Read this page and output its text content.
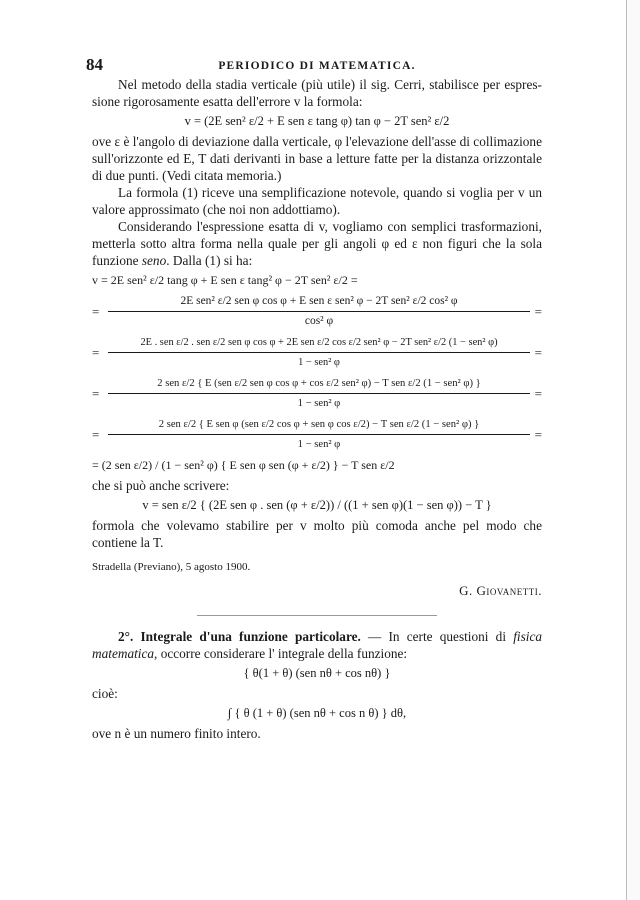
84	PERIODICO DI MATEMATICA.

Nel metodo della stadia verticale (più utile) il sig. Cerri, stabilisce per espres- sione rigorosamente esatta dell'errore v la formola:

v = (2E sen² ε/2 + E sen ε tang φ) tan φ − 2T sen² ε/2

ove ε è l'angolo di deviazione dalla verticale, φ l'elevazione dell'asse di collimazione sull'orizzonte ed E, T dati derivanti in base a letture fatte per la distanza orizzontale di due punti. (Vedi citata memoria.)

La formola (1) riceve una semplificazione notevole, quando si voglia per v un valore approssimato (che noi non addottiamo).

Considerando l'espressione esatta di v, vogliamo con semplici trasformazioni, metterla sotto altra forma nella quale per gli angoli φ ed ε non figuri che la sola funzione seno. Dalla (1) si ha:

v = 2E sen² ε/2 tang φ + E sen ε tang² φ − 2T sen² ε/2 =
=
2E sen² ε/2 sen φ cos φ + E sen ε sen² φ − 2T sen² ε/2 cos² φ
cos² φ
=
=
2E . sen ε/2 . sen ε/2 sen φ cos φ + 2E sen ε/2 cos ε/2 sen² φ − 2T sen² ε/2 (1 − sen² φ)
1 − sen² φ
=
=
2 sen ε/2 { E (sen ε/2 sen φ cos φ + cos ε/2 sen² φ) − T sen ε/2 (1 − sen² φ) }
1 − sen² φ
=
=
2 sen ε/2 { E sen φ (sen ε/2 cos φ + sen φ cos ε/2) − T sen ε/2 (1 − sen² φ) }
1 − sen² φ
=
= (2 sen ε/2) / (1 − sen² φ) { E sen φ sen (φ + ε/2) } − T sen ε/2

che si può anche scrivere:

v = sen ε/2 { (2E sen φ . sen (φ + ε/2)) / ((1 + sen φ)(1 − sen φ)) − T }

formola che volevamo stabilire per v molto più comoda anche pel modo che contiene la T.

Stradella (Previano), 5 agosto 1900.
G. Giovanetti.

2°. Integrale d'una funzione particolare. — In certe questioni di fisica matematica, occorre considerare l' integrale della funzione:

{ θ(1 + θ) (sen nθ + cos nθ) }

cioè:

∫ { θ (1 + θ) (sen nθ + cos n θ) } dθ,

ove n è un numero finito intero.
